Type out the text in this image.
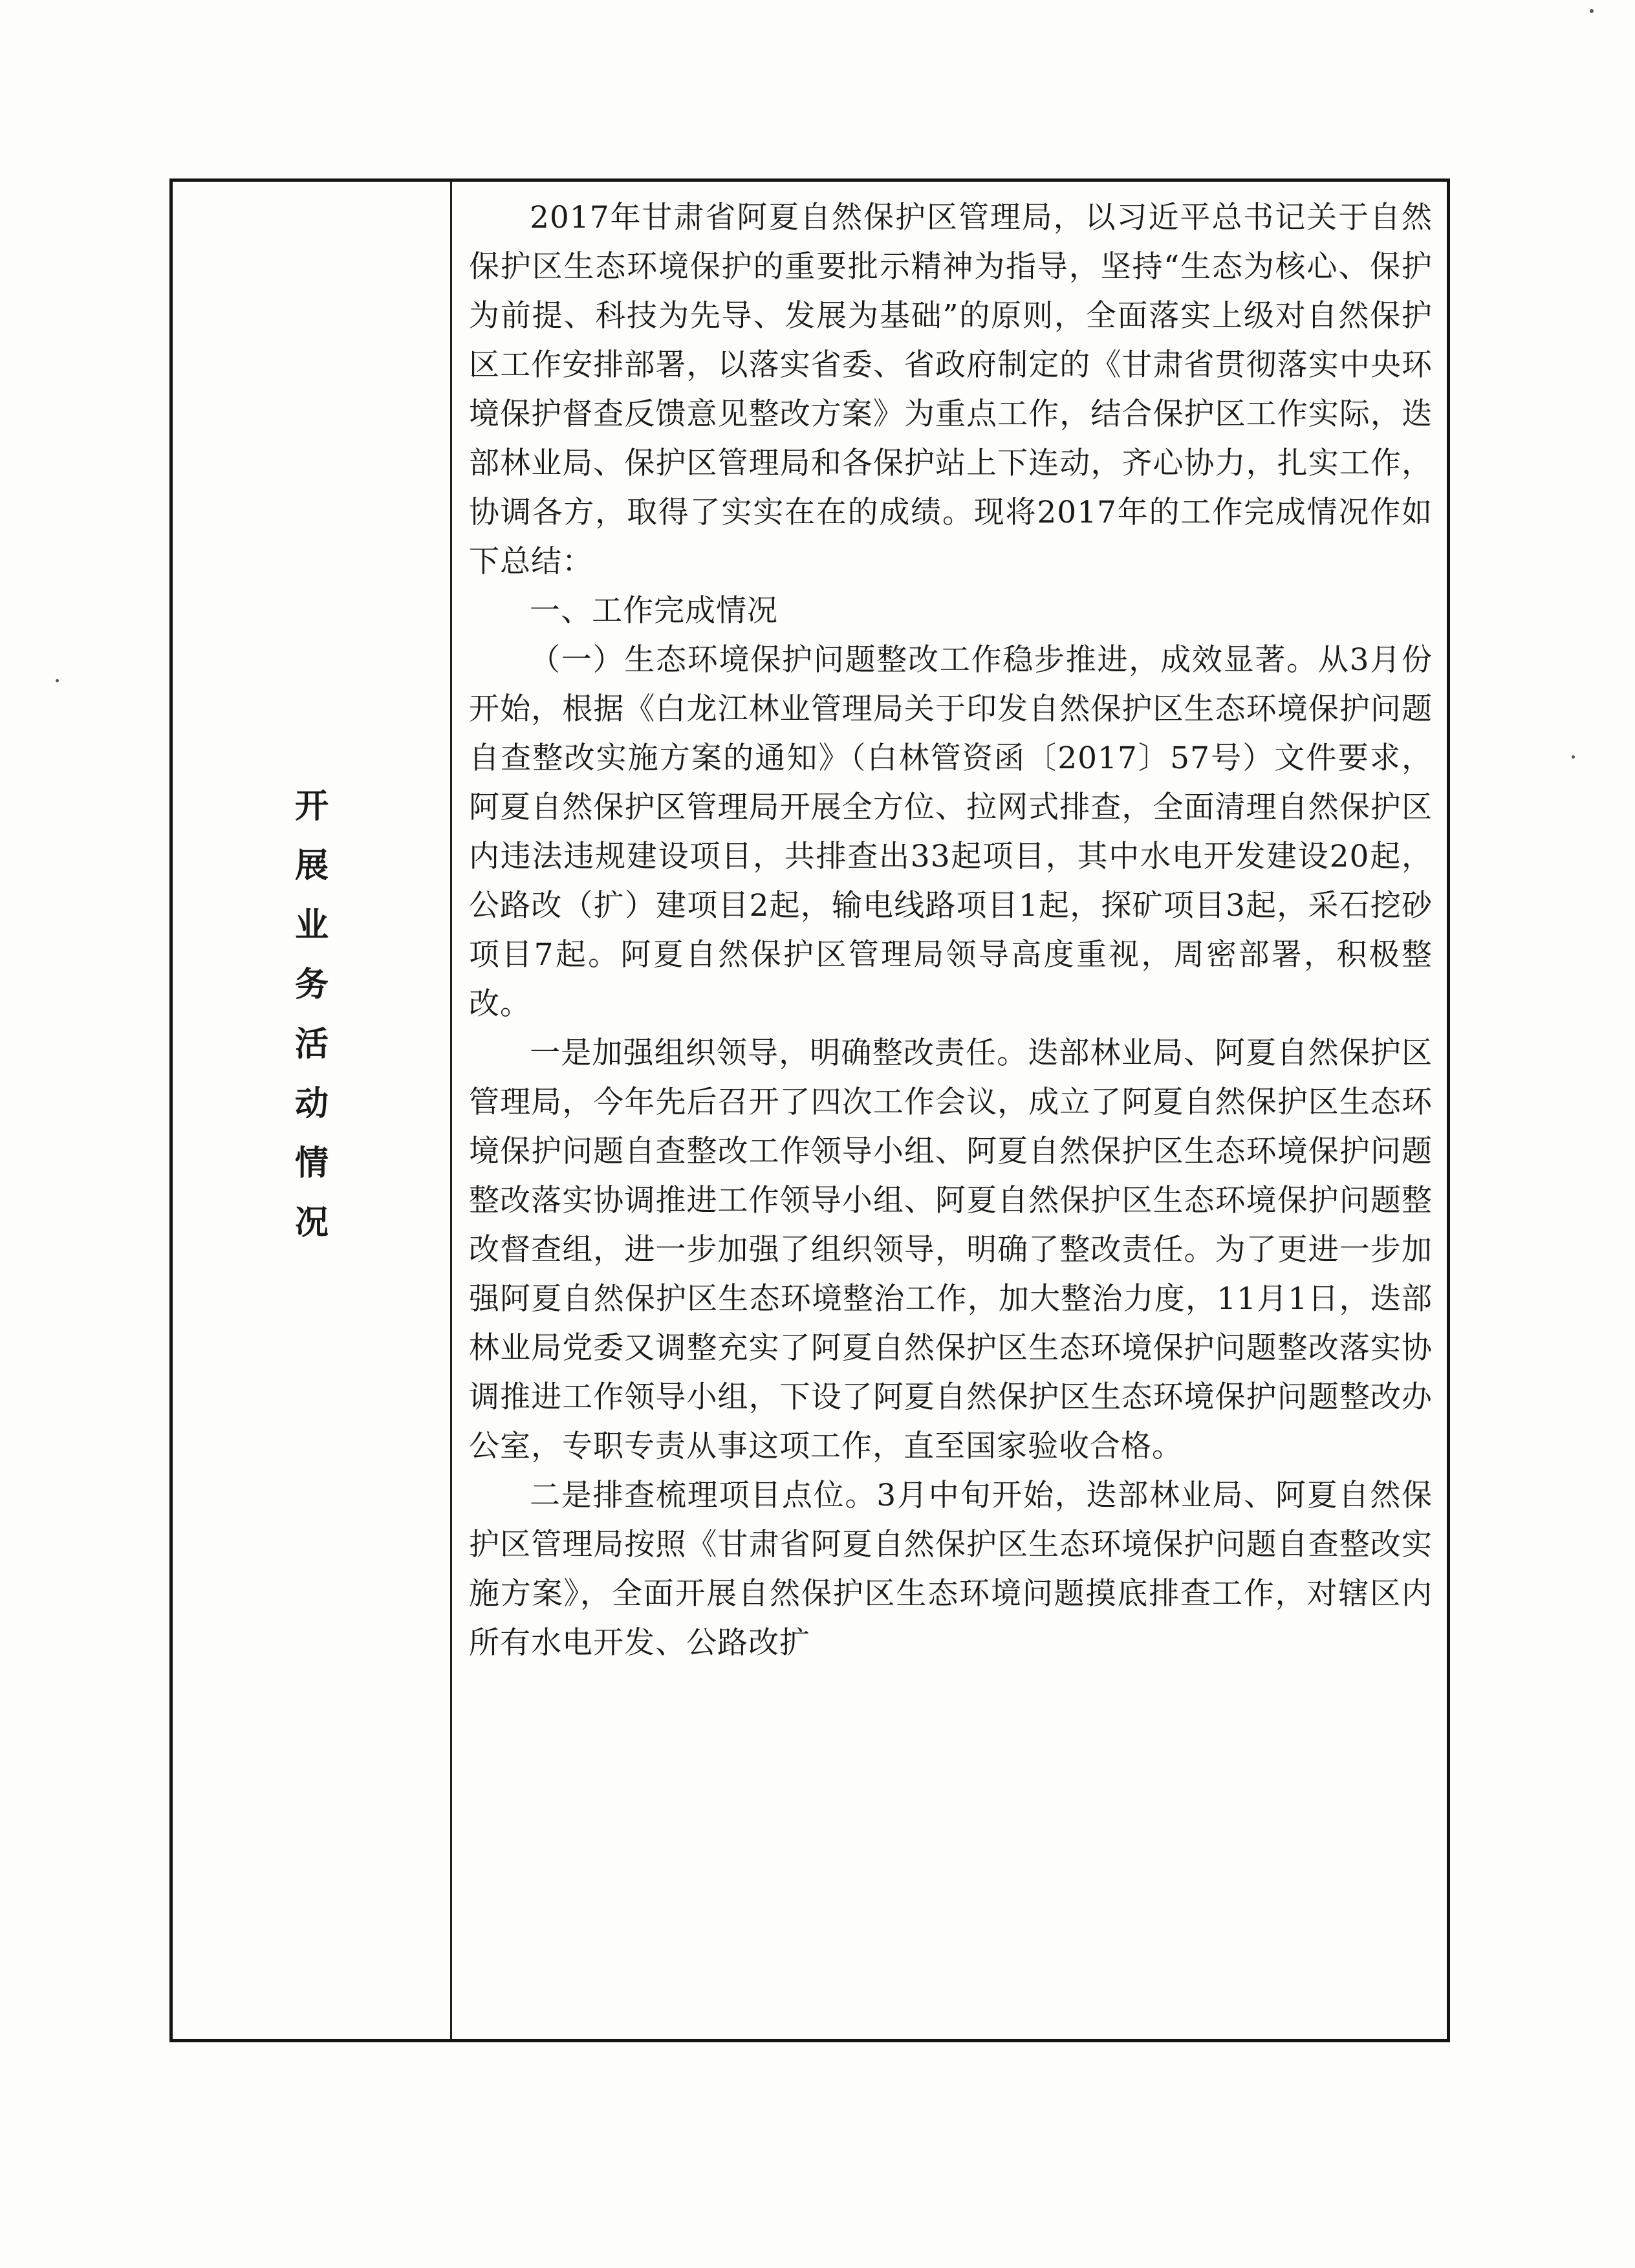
开展业务活动情况

2017年甘肃省阿夏自然保护区管理局，以习近平总书记关于自然保护区生态环境保护的重要批示精神为指导，坚持“生态为核心、保护为前提、科技为先导、发展为基础”的原则，全面落实上级对自然保护区工作安排部署，以落实省委、省政府制定的《甘肃省贯彻落实中央环境保护督查反馈意见整改方案》为重点工作，结合保护区工作实际，迭部林业局、保护区管理局和各保护站上下连动，齐心协力，扎实工作，协调各方，取得了实实在在的成绩。现将2017年的工作完成情况作如下总结：

一、工作完成情况

（一）生态环境保护问题整改工作稳步推进，成效显著。从3月份开始，根据《白龙江林业管理局关于印发自然保护区生态环境保护问题自查整改实施方案的通知》（白林管资函〔2017〕57号）文件要求，阿夏自然保护区管理局开展全方位、拉网式排查，全面清理自然保护区内违法违规建设项目，共排查出33起项目，其中水电开发建设20起，公路改（扩）建项目2起，输电线路项目1起，探矿项目3起，采石挖砂项目7起。阿夏自然保护区管理局领导高度重视，周密部署，积极整改。

一是加强组织领导，明确整改责任。迭部林业局、阿夏自然保护区管理局，今年先后召开了四次工作会议，成立了阿夏自然保护区生态环境保护问题自查整改工作领导小组、阿夏自然保护区生态环境保护问题整改落实协调推进工作领导小组、阿夏自然保护区生态环境保护问题整改督查组，进一步加强了组织领导，明确了整改责任。为了更进一步加强阿夏自然保护区生态环境整治工作，加大整治力度，11月1日，迭部林业局党委又调整充实了阿夏自然保护区生态环境保护问题整改落实协调推进工作领导小组，下设了阿夏自然保护区生态环境保护问题整改办公室，专职专责从事这项工作，直至国家验收合格。

二是排查梳理项目点位。3月中旬开始，迭部林业局、阿夏自然保护区管理局按照《甘肃省阿夏自然保护区生态环境保护问题自查整改实施方案》，全面开展自然保护区生态环境问题摸底排查工作，对辖区内所有水电开发、公路改扩
